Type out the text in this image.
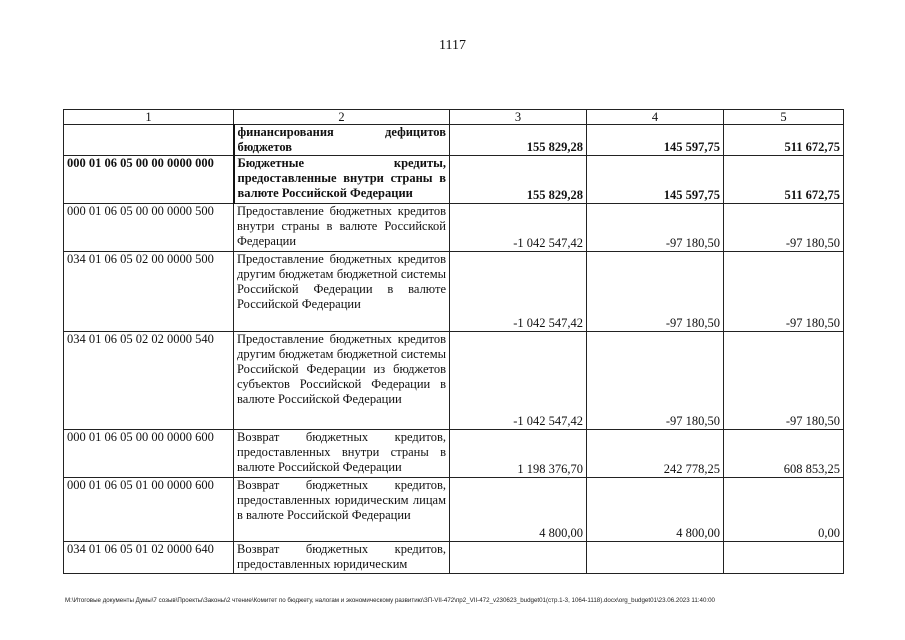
1117
1	2	3	4	5
	финансирования дефицитов бюджетов	155 829,28	145 597,75	511 672,75
000 01 06 05 00 00 0000 000	Бюджетные кредиты, предоставленные внутри страны в валюте Российской Федерации	155 829,28	145 597,75	511 672,75
000 01 06 05 00 00 0000 500	Предоставление бюджетных кредитов внутри страны в валюте Российской Федерации	-1 042 547,42	-97 180,50	-97 180,50
034 01 06 05 02 00 0000 500	Предоставление бюджетных кредитов другим бюджетам бюджетной системы Российской Федерации в валюте Российской Федерации	-1 042 547,42	-97 180,50	-97 180,50
034 01 06 05 02 02 0000 540	Предоставление бюджетных кредитов другим бюджетам бюджетной системы Российской Федерации из бюджетов субъектов Российской Федерации в валюте Российской Федерации	-1 042 547,42	-97 180,50	-97 180,50
000 01 06 05 00 00 0000 600	Возврат бюджетных кредитов, предоставленных внутри страны в валюте Российской Федерации	1 198 376,70	242 778,25	608 853,25
000 01 06 05 01 00 0000 600	Возврат бюджетных кредитов, предоставленных юридическим лицам в валюте Российской Федерации	4 800,00	4 800,00	0,00
034 01 06 05 01 02 0000 640	Возврат бюджетных кредитов, предоставленных юридическим			
М:\Итоговые документы Думы\7 созыв\Проекты\Законы\2 чтение\Комитет по бюджету, налогам и экономическому развитию\ЗП-VII-472\пр2_VII-472_v230623_budget01(стр.1-3, 1064-1118).docx\org_budget01\23.06.2023 11:40:00
